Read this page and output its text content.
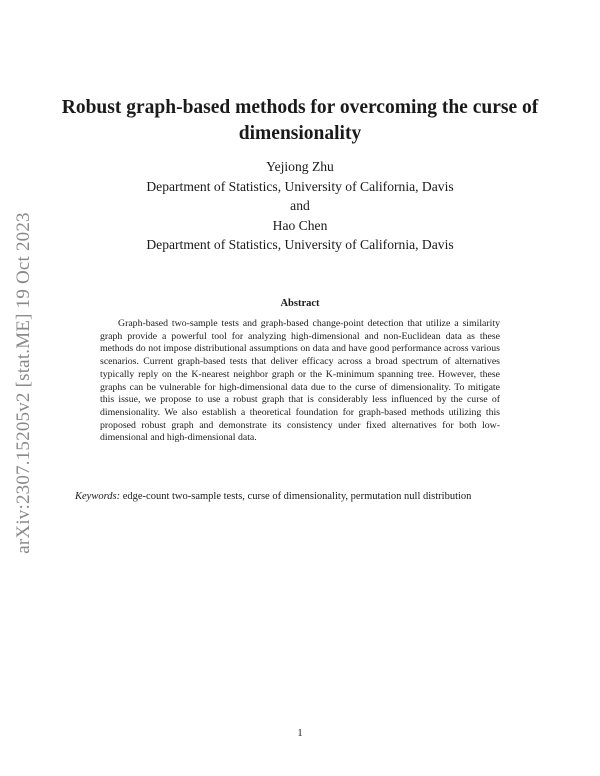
arXiv:2307.15205v2 [stat.ME] 19 Oct 2023
Robust graph-based methods for overcoming the curse of dimensionality
Yejiong Zhu
Department of Statistics, University of California, Davis
and
Hao Chen
Department of Statistics, University of California, Davis
Abstract

Graph-based two-sample tests and graph-based change-point detection that utilize a similarity graph provide a powerful tool for analyzing high-dimensional and non-Euclidean data as these methods do not impose distributional assumptions on data and have good performance across various scenarios. Current graph-based tests that deliver efficacy across a broad spectrum of alternatives typically reply on the K-nearest neighbor graph or the K-minimum spanning tree. However, these graphs can be vulnerable for high-dimensional data due to the curse of dimensionality. To mitigate this issue, we propose to use a robust graph that is considerably less influenced by the curse of dimensionality. We also establish a theoretical foundation for graph-based methods utilizing this proposed robust graph and demonstrate its consistency under fixed alternatives for both low-dimensional and high-dimensional data.

Keywords: edge-count two-sample tests, curse of dimensionality, permutation null distribution

1
